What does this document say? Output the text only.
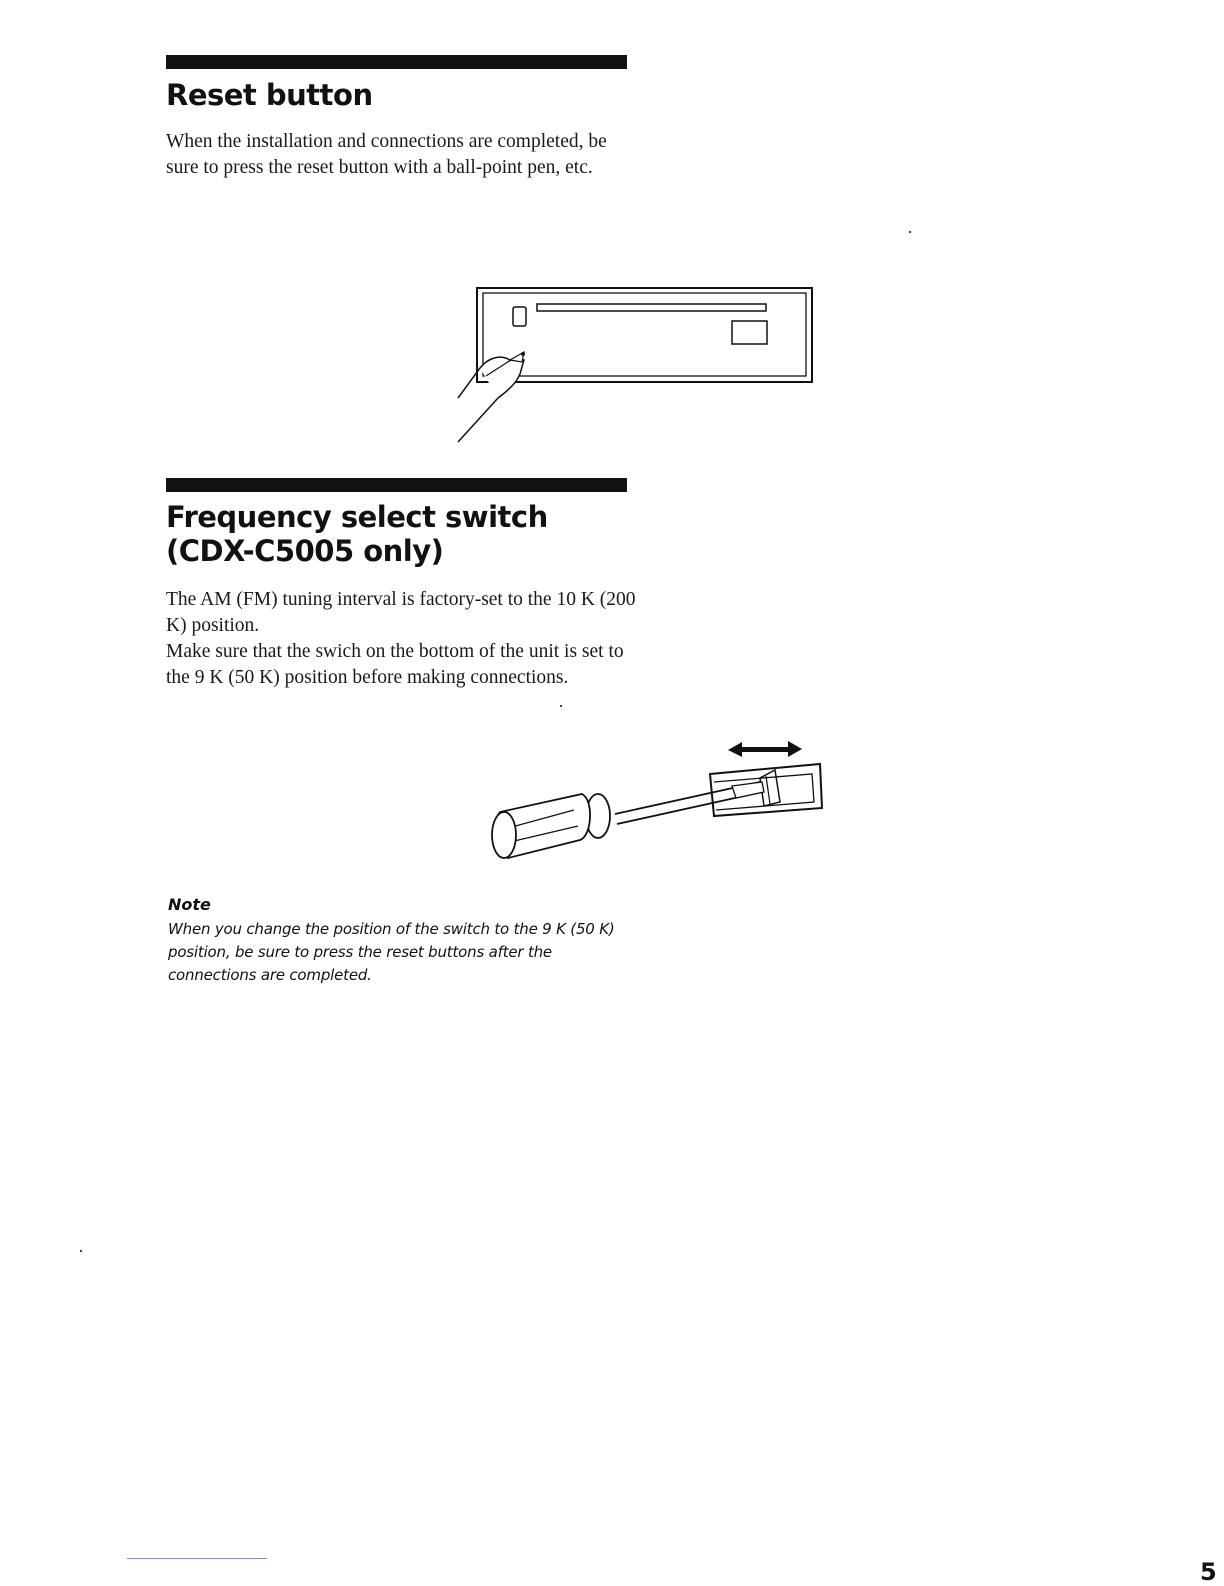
Reset button

When the installation and connections are completed, be sure to press the reset button with a ball-point pen, etc.

Frequency select switch
(CDX-C5005 only)

The AM (FM) tuning interval is factory-set to the 10 K (200 K) position.

Make sure that the swich on the bottom of the unit is set to the 9 K (50 K) position before making connections.

Note

When you change the position of the switch to the 9 K (50 K) position, be sure to press the reset buttons after the connections are completed.

5
